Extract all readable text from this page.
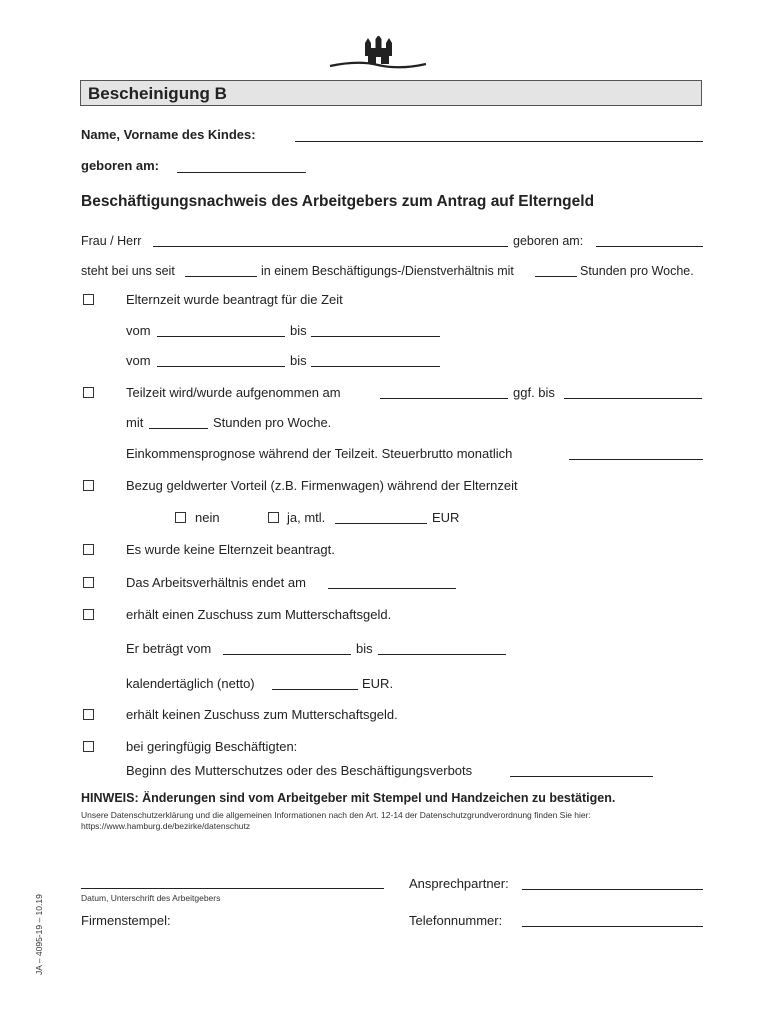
Bescheinigung B
Name, Vorname des Kindes:
geboren am:
Beschäftigungsnachweis des Arbeitgebers zum Antrag auf Elterngeld
Frau / Herr	geboren am:
steht bei uns seit	in einem Beschäftigungs-/Dienstverhältnis mit	Stunden pro Woche.
Elternzeit wurde beantragt für die Zeit
vom	bis
vom	bis
Teilzeit wird/wurde aufgenommen am	ggf. bis
mit	Stunden pro Woche.
Einkommensprognose während der Teilzeit. Steuerbrutto monatlich
Bezug geldwerter Vorteil (z.B. Firmenwagen) während der Elternzeit
nein	ja, mtl.	EUR
Es wurde keine Elternzeit beantragt.
Das Arbeitsverhältnis endet am
erhält einen Zuschuss zum Mutterschaftsgeld.
Er beträgt vom	bis
kalendertäglich (netto)	EUR.
erhält keinen Zuschuss zum Mutterschaftsgeld.
bei geringfügig Beschäftigten:
Beginn des Mutterschutzes oder des Beschäftigungsverbots
HINWEIS: Änderungen sind vom Arbeitgeber mit Stempel und Handzeichen zu bestätigen.
Unsere Datenschutzerklärung und die allgemeinen Informationen nach den Art. 12-14 der Datenschutzgrundverordnung finden Sie hier:
https://www.hamburg.de/bezirke/datenschutz
Datum, Unterschrift des Arbeitgebers
Firmenstempel:
Ansprechpartner:
Telefonnummer:
JA – 4095-19 – 10.19
